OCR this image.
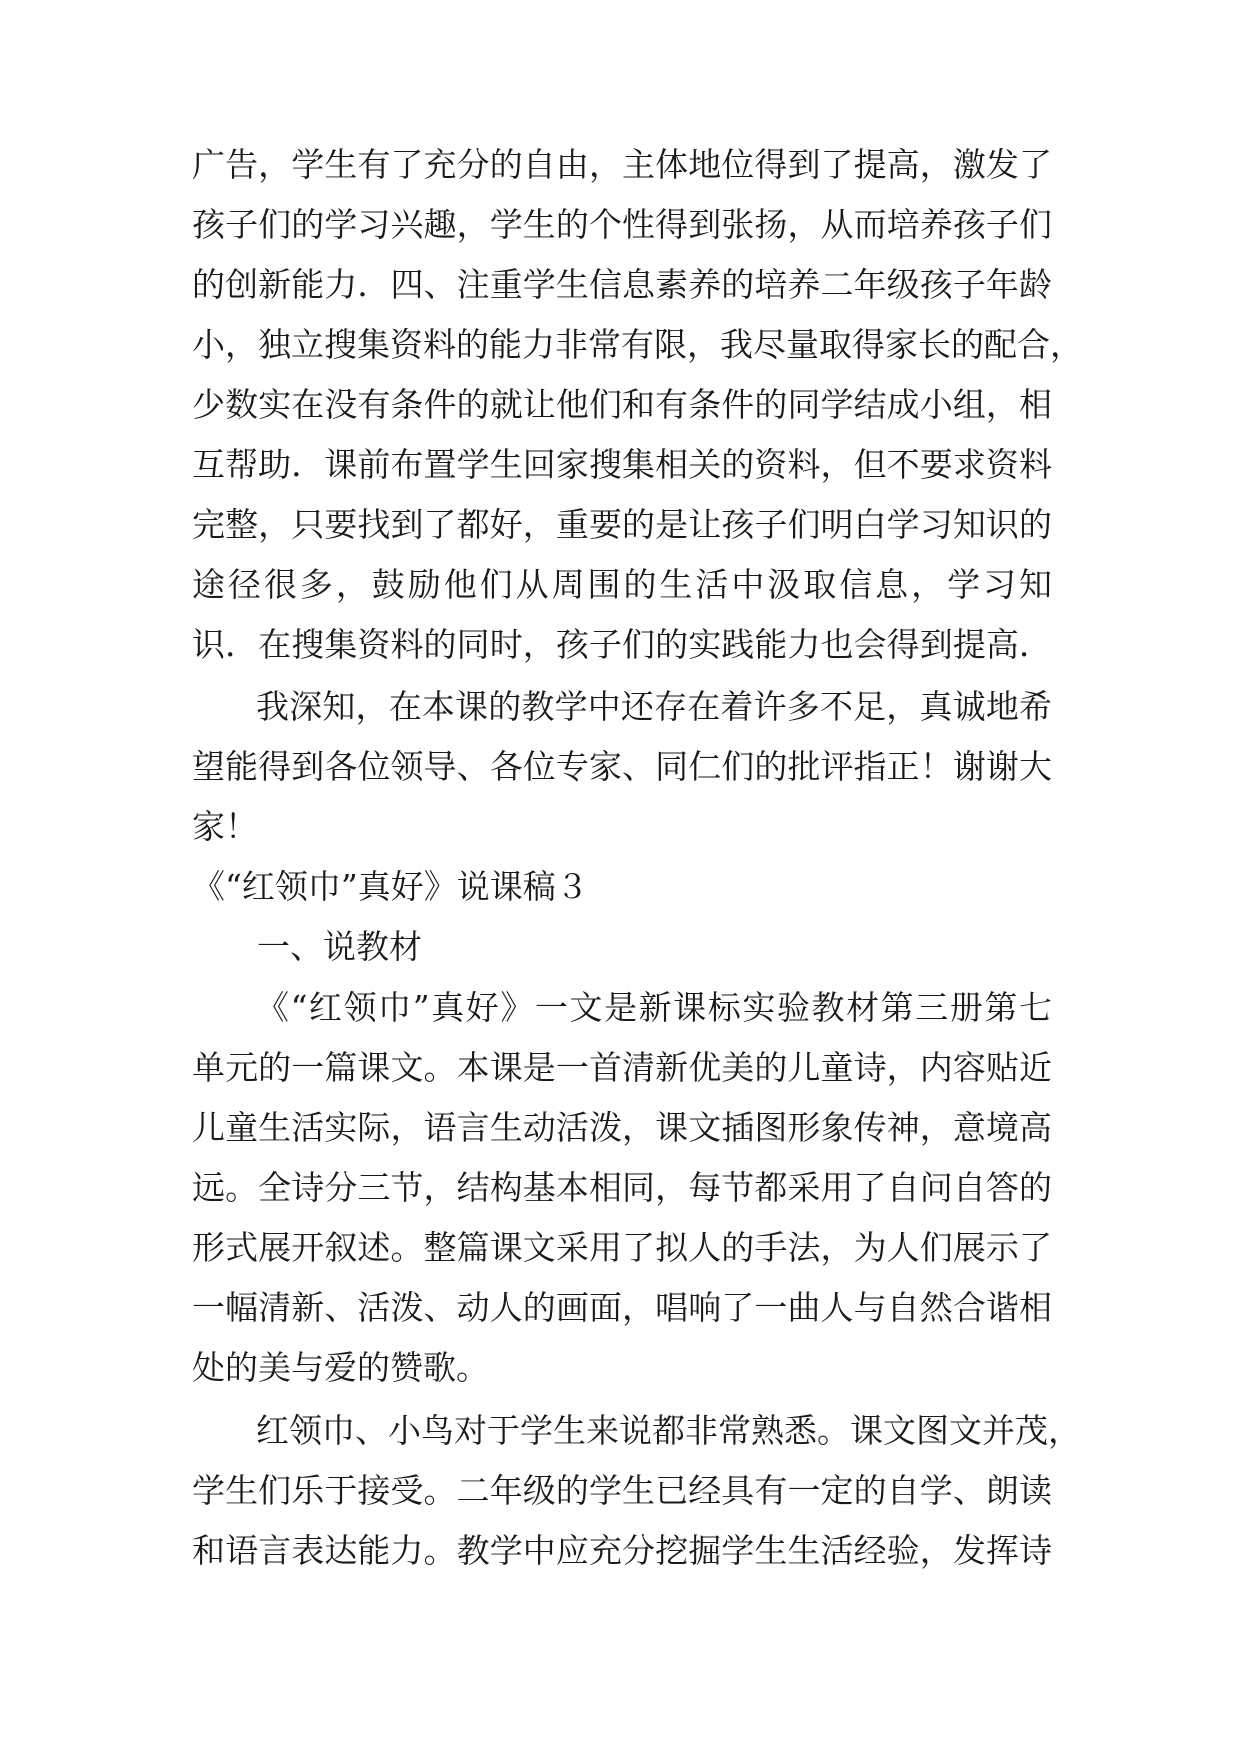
广告，学生有了充分的自由，主体地位得到了提高，激发了
孩子们的学习兴趣，学生的个性得到张扬，从而培养孩子们
的创新能力．四、注重学生信息素养的培养二年级孩子年龄
小，独立搜集资料的能力非常有限，我尽量取得家长的配合，
少数实在没有条件的就让他们和有条件的同学结成小组，相
互帮助．课前布置学生回家搜集相关的资料，但不要求资料
完整，只要找到了都好，重要的是让孩子们明白学习知识的
途径很多，鼓励他们从周围的生活中汲取信息，学习知
识．在搜集资料的同时，孩子们的实践能力也会得到提高．
我深知，在本课的教学中还存在着许多不足，真诚地希
望能得到各位领导、各位专家、同仁们的批评指正！谢谢大
家！
《“红领巾”真好》说课稿３
一、说教材
《“红领巾”真好》一文是新课标实验教材第三册第七
单元的一篇课文。本课是一首清新优美的儿童诗，内容贴近
儿童生活实际，语言生动活泼，课文插图形象传神，意境高
远。全诗分三节，结构基本相同，每节都采用了自问自答的
形式展开叙述。整篇课文采用了拟人的手法，为人们展示了
一幅清新、活泼、动人的画面，唱响了一曲人与自然合谐相
处的美与爱的赞歌。
红领巾、小鸟对于学生来说都非常熟悉。课文图文并茂，
学生们乐于接受。二年级的学生已经具有一定的自学、朗读
和语言表达能力。教学中应充分挖掘学生生活经验，发挥诗
